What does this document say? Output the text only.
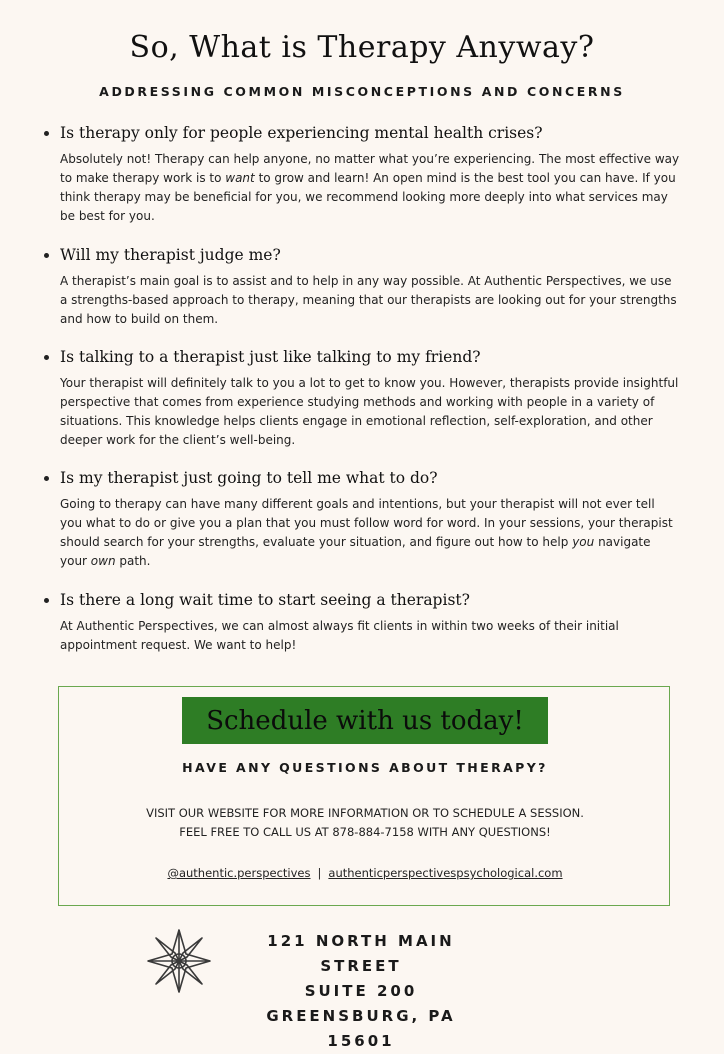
So, What is Therapy Anyway?
ADDRESSING COMMON MISCONCEPTIONS AND CONCERNS
Is therapy only for people experiencing mental health crises?
Absolutely not! Therapy can help anyone, no matter what you’re experiencing. The most effective way to make therapy work is to want to grow and learn! An open mind is the best tool you can have. If you think therapy may be beneficial for you, we recommend looking more deeply into what services may be best for you.
Will my therapist judge me?
A therapist’s main goal is to assist and to help in any way possible. At Authentic Perspectives, we use a strengths-based approach to therapy, meaning that our therapists are looking out for your strengths and how to build on them.
Is talking to a therapist just like talking to my friend?
Your therapist will definitely talk to you a lot to get to know you. However, therapists provide insightful perspective that comes from experience studying methods and working with people in a variety of situations. This knowledge helps clients engage in emotional reflection, self-exploration, and other deeper work for the client’s well-being.
Is my therapist just going to tell me what to do?
Going to therapy can have many different goals and intentions, but your therapist will not ever tell you what to do or give you a plan that you must follow word for word. In your sessions, your therapist should search for your strengths, evaluate your situation, and figure out how to help you navigate your own path.
Is there a long wait time to start seeing a therapist?
At Authentic Perspectives, we can almost always fit clients in within two weeks of their initial appointment request. We want to help!
Schedule with us today!
HAVE ANY QUESTIONS ABOUT THERAPY?
VISIT OUR WEBSITE FOR MORE INFORMATION OR TO SCHEDULE A SESSION.
FEEL FREE TO CALL US AT 878-884-7158 WITH ANY QUESTIONS!
@authentic.perspectives | authenticperspectivespsychological.com
121 NORTH MAIN STREET
SUITE 200
GREENSBURG, PA 15601
